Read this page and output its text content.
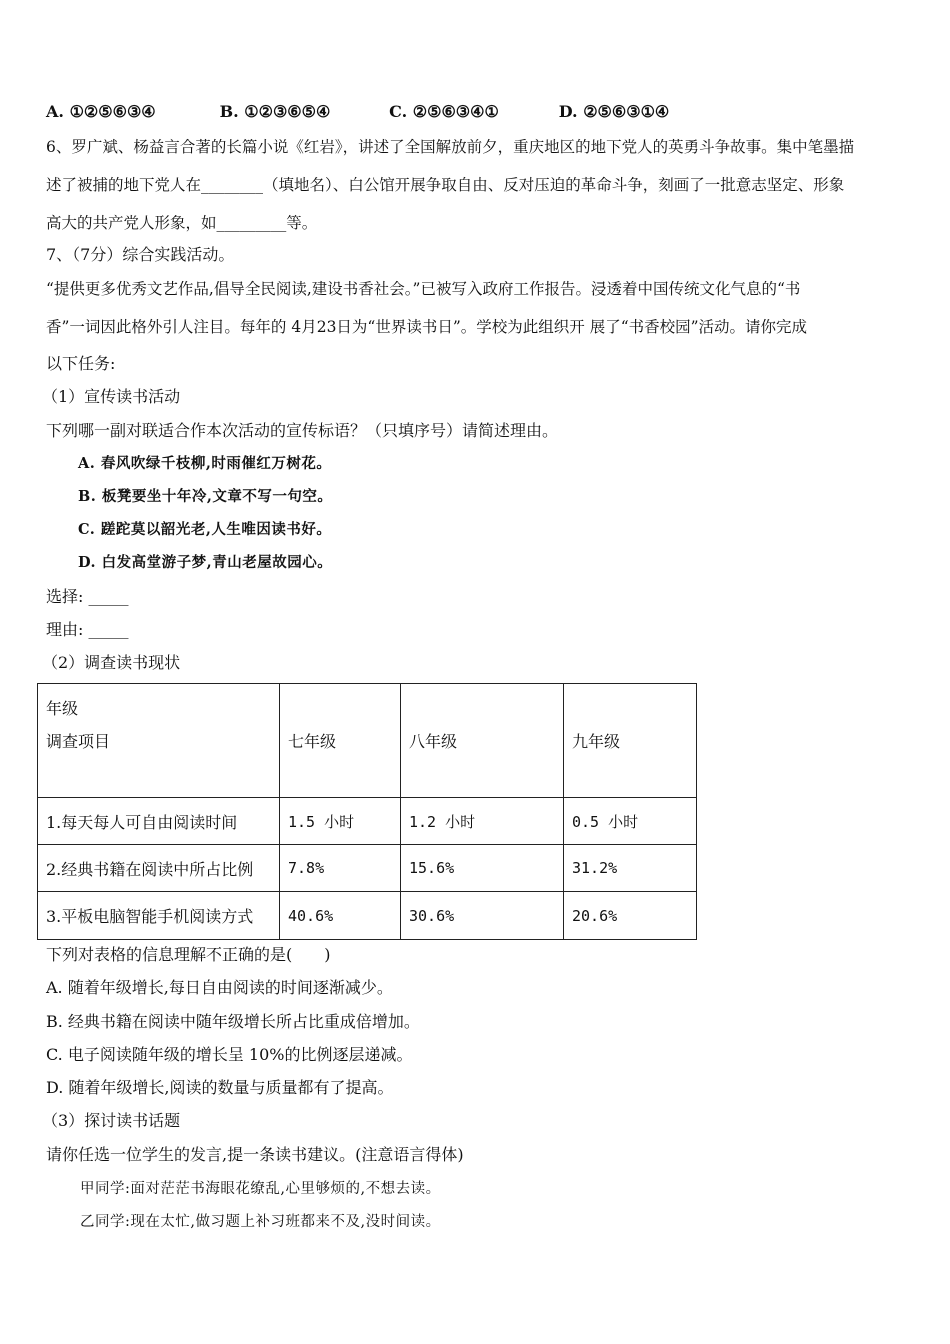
A. ①②⑤⑥③④	B. ①②③⑥⑤④	C. ②⑤⑥③④①	D. ②⑤⑥③①④
6、罗广斌、杨益言合著的长篇小说《红岩》，讲述了全国解放前夕，重庆地区的地下党人的英勇斗争故事。集中笔墨描
述了被捕的地下党人在________（填地名）、白公馆开展争取自由、反对压迫的革命斗争，刻画了一批意志坚定、形象
高大的共产党人形象，如_________等。
7、（7分）综合实践活动。
“提供更多优秀文艺作品,倡导全民阅读,建设书香社会。”已被写入政府工作报告。浸透着中国传统文化气息的“书
香”一词因此格外引人注目。每年的 4月23日为“世界读书日”。学校为此组织开 展了“书香校园”活动。请你完成
以下任务:
（1）宣传读书活动
下列哪一副对联适合作本次活动的宣传标语？（只填序号）请简述理由。
A. 春风吹绿千枝柳,时雨催红万树花。
B. 板凳要坐十年冷,文章不写一句空。
C. 蹉跎莫以韶光老,人生唯因读书好。
D. 白发高堂游子梦,青山老屋故园心。
选择: _____
理由: _____
（2）调查读书现状
年级
调查项目	七年级	八年级	九年级
1.每天每人可自由阅读时间	1.5 小时	1.2 小时	0.5 小时
2.经典书籍在阅读中所占比例	7.8%	15.6%	31.2%
3.平板电脑智能手机阅读方式	40.6%	30.6%	20.6%
下列对表格的信息理解不正确的是(　　)
A. 随着年级增长,每日自由阅读的时间逐渐减少。
B. 经典书籍在阅读中随年级增长所占比重成倍增加。
C. 电子阅读随年级的增长呈 10%的比例逐层递减。
D. 随着年级增长,阅读的数量与质量都有了提高。
（3）探讨读书话题
请你任选一位学生的发言,提一条读书建议。(注意语言得体)
甲同学:面对茫茫书海眼花缭乱,心里够烦的,不想去读。
乙同学:现在太忙,做习题上补习班都来不及,没时间读。
